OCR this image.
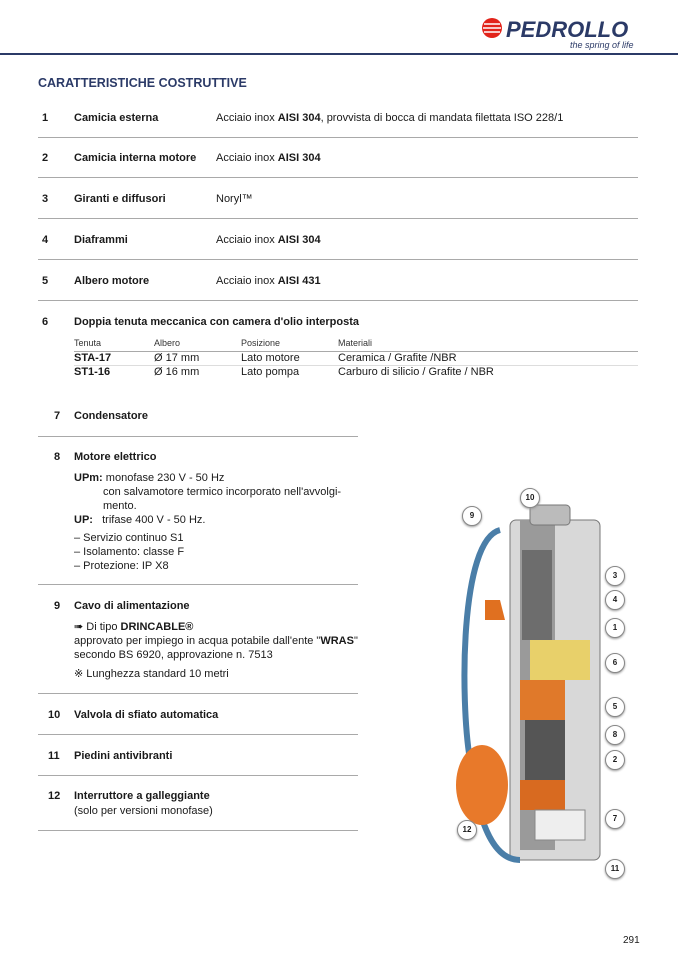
PEDROLLO
the spring of life
CARATTERISTICHE COSTRUTTIVE
1 Camicia esterna	Acciaio inox AISI 304, provvista di bocca di mandata filettata ISO 228/1
2 Camicia interna motore Acciaio inox AISI 304
3 Giranti e diffusori	Noryl™
4 Diaframmi	Acciaio inox AISI 304
5 Albero motore	Acciaio inox AISI 431
6 Doppia tenuta meccanica con camera d'olio interposta
Tenuta	Albero	Posizione	Materiali
STA-17	Ø 17 mm	Lato motore	Ceramica / Grafite /NBR
ST1-16	Ø 16 mm	Lato pompa	Carburo di silicio / Grafite / NBR
7 Condensatore
8 Motore elettrico
UPm: monofase 230 V - 50 Hz
con salvamotore termico incorporato nell'avvolgi-
mento.
UP: trifase 400 V - 50 Hz.
– Servizio continuo S1
– Isolamento: classe F
– Protezione: IP X8
9 Cavo di alimentazione
➠ Di tipo DRINCABLE®
approvato per impiego in acqua potabile dall'ente "WRAS"
secondo BS 6920, approvazione n. 7513
※ Lunghezza standard 10 metri
10 Valvola di sfiato automatica
11 Piedini antivibranti
12 Interruttore a galleggiante
(solo per versioni monofase)
10
9
3
4
1
6
5
8
2
7
12
11
291
